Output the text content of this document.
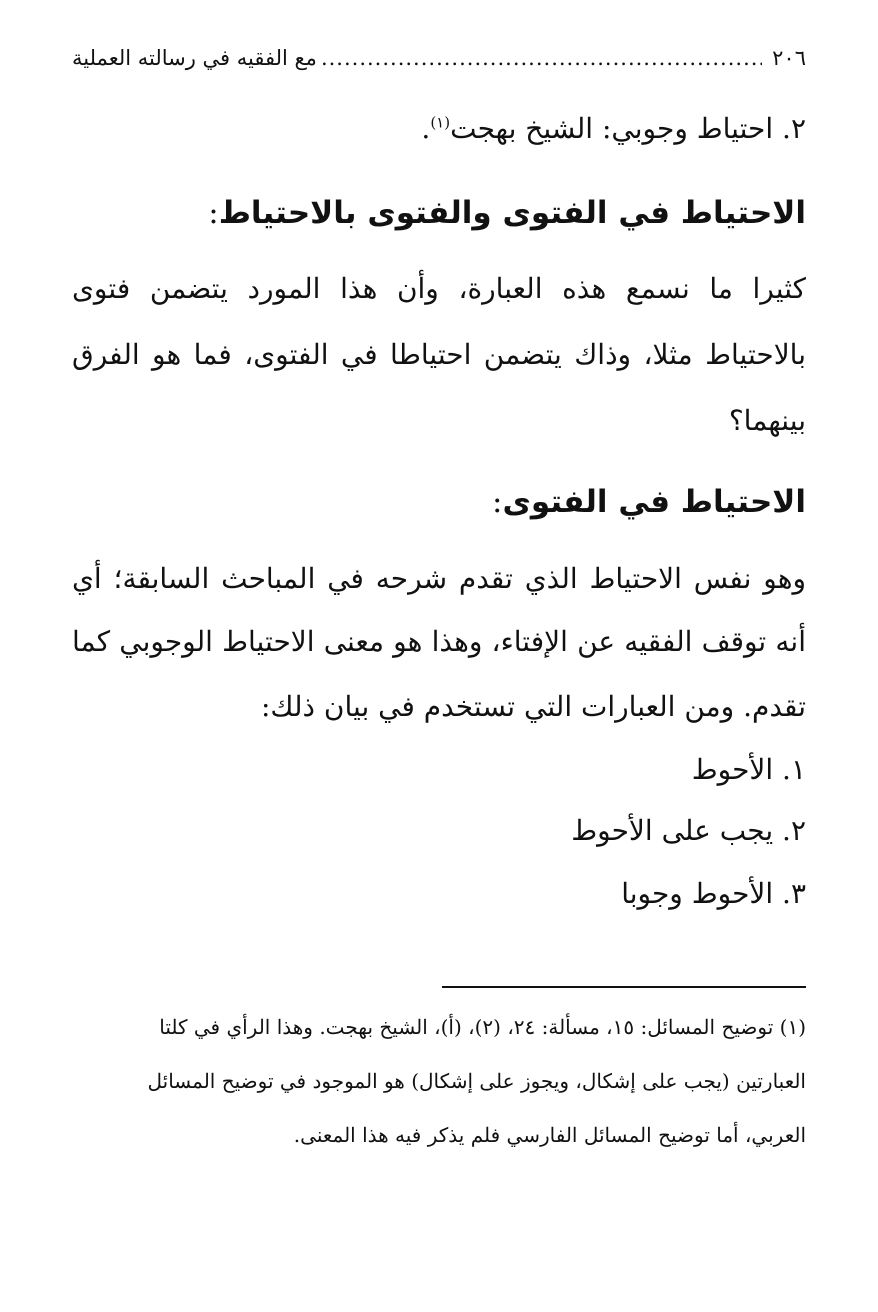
٢٠٦
.....
مع الفقيه في رسالته العملية
٢. احتياط وجوبي: الشيخ بهجت$^{(١)}$.
الاحتياط في الفتوى والفتوى بالاحتياط:
كثيرا ما نسمع هذه العبارة، وأن هذا المورد يتضمن فتوى
بالاحتياط مثلا، وذاك يتضمن احتياطا في الفتوى، فما هو الفرق
بينهما؟
الاحتياط في الفتوى:
وهو نفس الاحتياط الذي تقدم شرحه في المباحث السابقة؛ أي
أنه توقف الفقيه عن الإفتاء، وهذا هو معنى الاحتياط الوجوبي كما
تقدم. ومن العبارات التي تستخدم في بيان ذلك:
١. الأحوط
٢. يجب على الأحوط
٣. الأحوط وجوبا
(١) توضيح المسائل: ١٥، مسألة: ٢٤، (٢)، (أ)، الشيخ بهجت. وهذا الرأي في كلتا
العبارتين (يجب على إشكال، ويجوز على إشكال) هو الموجود في توضيح المسائل
العربي، أما توضيح المسائل الفارسي فلم يذكر فيه هذا المعنى.
